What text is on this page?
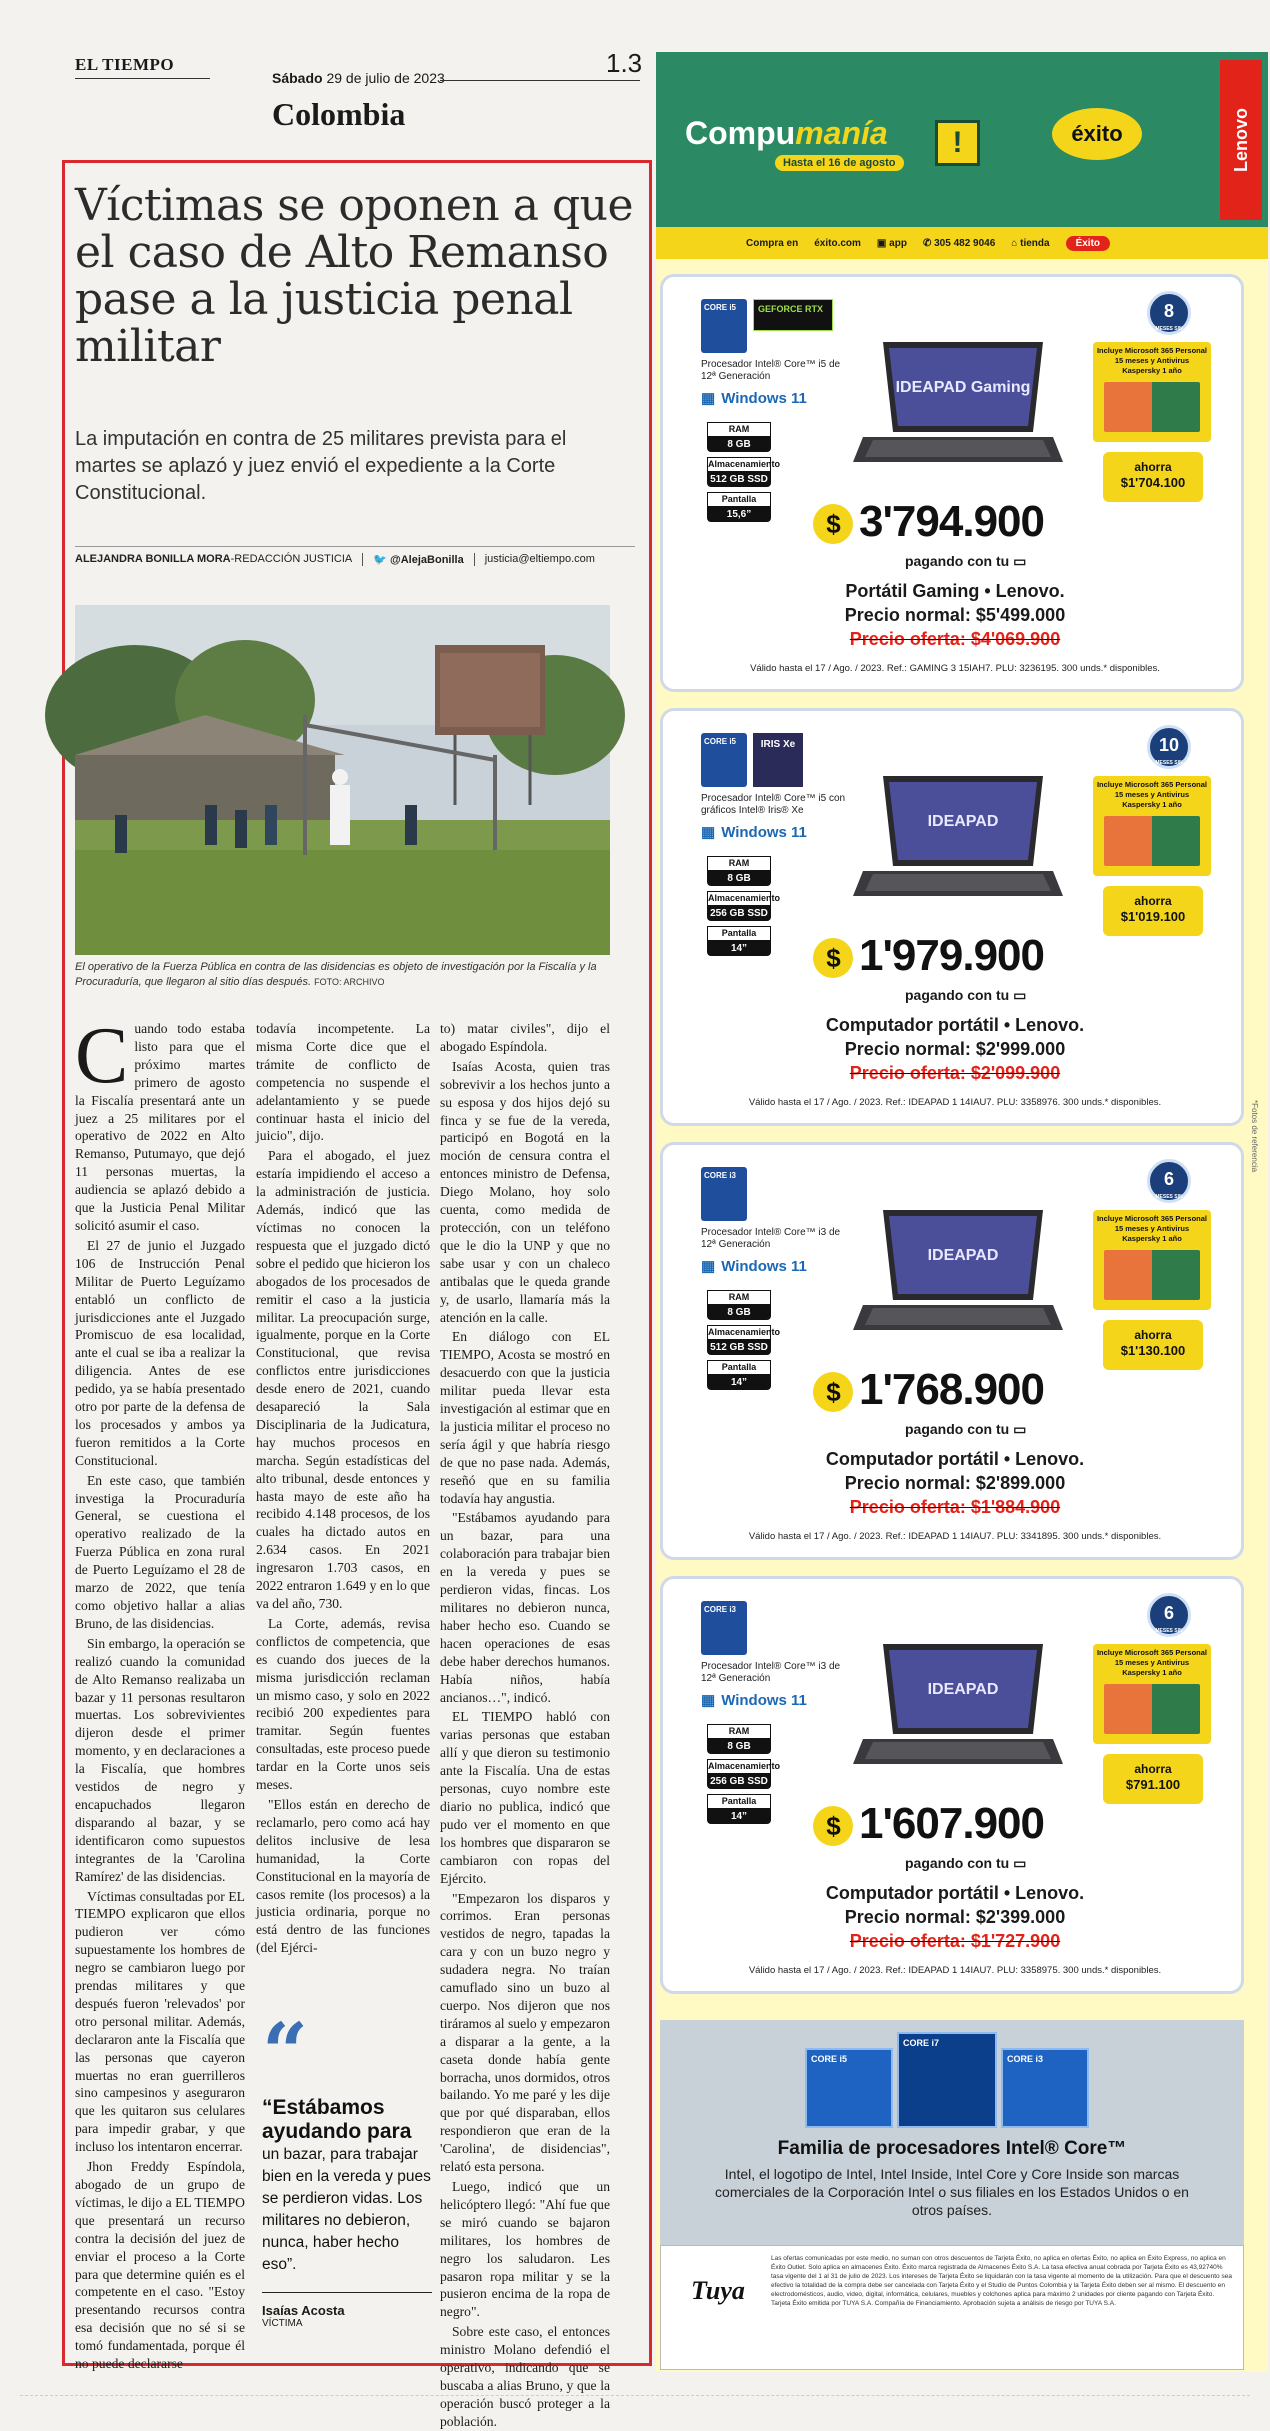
EL TIEMPO
Sábado 29 de julio de 2023	1.3
Colombia
Víctimas se oponen a que el caso de Alto Remanso pase a la justicia penal militar
La imputación en contra de 25 militares prevista para el martes se aplazó y juez envió el expediente a la Corte Constitucional.
ALEJANDRA BONILLA MORA-REDACCIÓN JUSTICIA 🐦 @AlejaBonilla justicia@eltiempo.com
El operativo de la Fuerza Pública en contra de las disidencias es objeto de investigación por la Fiscalía y la Procuraduría, que llegaron al sitio días después. FOTO: ARCHIVO

Cuando todo estaba listo para que el próximo martes primero de agosto la Fiscalía presentará ante un juez a 25 militares por el operativo de 2022 en Alto Remanso, Putumayo, que dejó 11 personas muertas, la audiencia se aplazó debido a que la Justicia Penal Militar solicitó asumir el caso.

El 27 de junio el Juzgado 106 de Instrucción Penal Militar de Puerto Leguízamo entabló un conflicto de jurisdicciones ante el Juzgado Promiscuo de esa localidad, ante el cual se iba a realizar la diligencia. Antes de ese pedido, ya se había presentado otro por parte de la defensa de los procesados y ambos ya fueron remitidos a la Corte Constitucional.

En este caso, que también investiga la Procuraduría General, se cuestiona el operativo realizado de la Fuerza Pública en zona rural de Puerto Leguízamo el 28 de marzo de 2022, que tenía como objetivo hallar a alias Bruno, de las disidencias.

Sin embargo, la operación se realizó cuando la comunidad de Alto Remanso realizaba un bazar y 11 personas resultaron muertas. Los sobrevivientes dijeron desde el primer momento, y en declaraciones a la Fiscalía, que hombres vestidos de negro y encapuchados llegaron disparando al bazar, y se identificaron como supuestos integrantes de la 'Carolina Ramírez' de las disidencias.

Víctimas consultadas por EL TIEMPO explicaron que ellos pudieron ver cómo supuestamente los hombres de negro se cambiaron luego por prendas militares y que después fueron 'relevados' por otro personal militar. Además, declararon ante la Fiscalía que las personas que cayeron muertas no eran guerrilleros sino campesinos y aseguraron que les quitaron sus celulares para impedir grabar, y que incluso los intentaron encerrar.

Jhon Freddy Espíndola, abogado de un grupo de víctimas, le dijo a EL TIEMPO que presentará un recurso contra la decisión del juez de enviar el proceso a la Corte para que determine quién es el competente en el caso. "Estoy presentando recursos contra esa decisión que no sé si se tomó fundamentada, porque él no puede declararse

todavía incompetente. La misma Corte dice que el trámite de conflicto de competencia no suspende el adelantamiento y se puede continuar hasta el inicio del juicio", dijo.

Para el abogado, el juez estaría impidiendo el acceso a la administración de justicia. Además, indicó que las víctimas no conocen la respuesta que el juzgado dictó sobre el pedido que hicieron los abogados de los procesados de remitir el caso a la justicia militar. La preocupación surge, igualmente, porque en la Corte Constitucional, que revisa conflictos entre jurisdicciones desde enero de 2021, cuando desapareció la Sala Disciplinaria de la Judicatura, hay muchos procesos en marcha. Según estadísticas del alto tribunal, desde entonces y hasta mayo de este año ha recibido 4.148 procesos, de los cuales ha dictado autos en 2.634 casos. En 2021 ingresaron 1.703 casos, en 2022 entraron 1.649 y en lo que va del año, 730.

La Corte, además, revisa conflictos de competencia, que es cuando dos jueces de la misma jurisdicción reclaman un mismo caso, y solo en 2022 recibió 200 expedientes para tramitar. Según fuentes consultadas, este proceso puede tardar en la Corte unos seis meses.

"Ellos están en derecho de reclamarlo, pero como acá hay delitos inclusive de lesa humanidad, la Corte Constitucional en la mayoría de casos remite (los procesos) a la justicia ordinaria, porque no está dentro de las funciones (del Ejérci-

“
“Estábamos ayudando para
un bazar, para trabajar bien en la vereda y pues se perdieron vidas. Los militares no debieron, nunca, haber hecho eso”.
Isaías Acosta
VÍCTIMA

to) matar civiles", dijo el abogado Espíndola.

Isaías Acosta, quien tras sobrevivir a los hechos junto a su esposa y dos hijos dejó su finca y se fue de la vereda, participó en Bogotá en la moción de censura contra el entonces ministro de Defensa, Diego Molano, hoy solo cuenta, como medida de protección, con un teléfono que le dio la UNP y que no sabe usar y con un chaleco antibalas que le queda grande y, de usarlo, llamaría más la atención en la calle.

En diálogo con EL TIEMPO, Acosta se mostró en desacuerdo con que la justicia militar pueda llevar esta investigación al estimar que en la justicia militar el proceso no sería ágil y que habría riesgo de que no pase nada. Además, reseñó que en su familia todavía hay angustia.

"Estábamos ayudando para un bazar, para una colaboración para trabajar bien en la vereda y pues se perdieron vidas, fincas. Los militares no debieron nunca, haber hecho eso. Cuando se hacen operaciones de esas debe haber derechos humanos. Había niños, había ancianos…", indicó.

EL TIEMPO habló con varias personas que estaban allí y que dieron su testimonio ante la Fiscalía. Una de estas personas, cuyo nombre este diario no publica, indicó que pudo ver el momento en que los hombres que dispararon se cambiaron con ropas del Ejército.

"Empezaron los disparos y corrimos. Eran personas vestidos de negro, tapadas la cara y con un buzo negro y sudadera negra. No traían camuflado sino un buzo al cuerpo. Nos dijeron que nos tiráramos al suelo y empezaron a disparar a la gente, a la caseta donde había gente borracha, unos dormidos, otros bailando. Yo me paré y les dije que por qué disparaban, ellos respondieron que eran de la 'Carolina', de disidencias", relató esta persona.

Luego, indicó que un helicóptero llegó: "Ahí fue que se miró cuando se bajaron militares, los hombres de negro los saludaron. Les pasaron ropa militar y se la pusieron encima de la ropa de negro".

Sobre este caso, el entonces ministro Molano defendió el operativo, indicando que se buscaba a alias Bruno, y que la operación buscó proteger a la población.

Compumanía	!
Hasta el 16 de agosto
éxito	Lenovo
Compra en éxito.com ▣ app ✆ 305 482 9046 ⌂ tienda	Éxito
CORE i5	GEFORCE RTX
Procesador Intel® Core™ i5 de 12ª Generación
▦ Windows 11
RAM
8 GB
Almacenamiento
512 GB SSD
Pantalla
15,6”
IDEAPAD Gaming
Incluye Microsoft 365 Personal 15 meses y Antivirus Kaspersky 1 año
8
MESES SIN
ahorra
$1'704.100
$ 3'794.900
pagando con tu ▭
Portátil Gaming • Lenovo.
Precio normal: $5'499.000
Precio oferta: $4'069.900
Válido hasta el 17 / Ago. / 2023. Ref.: GAMING 3 15IAH7. PLU: 3236195. 300 unds.* disponibles.
CORE i5	IRIS Xe
Procesador Intel® Core™ i5 con gráficos Intel® Iris® Xe
▦ Windows 11
RAM
8 GB
Almacenamiento
256 GB SSD
Pantalla
14”
IDEAPAD
Incluye Microsoft 365 Personal 15 meses y Antivirus Kaspersky 1 año
10
MESES SIN
ahorra
$1'019.100
$ 1'979.900
pagando con tu ▭
Computador portátil • Lenovo.
Precio normal: $2'999.000
Precio oferta: $2'099.900
Válido hasta el 17 / Ago. / 2023. Ref.: IDEAPAD 1 14IAU7. PLU: 3358976. 300 unds.* disponibles.
CORE i3
Procesador Intel® Core™ i3 de 12ª Generación
▦ Windows 11
RAM
8 GB
Almacenamiento
512 GB SSD
Pantalla
14”
IDEAPAD
Incluye Microsoft 365 Personal 15 meses y Antivirus Kaspersky 1 año
6
MESES SIN
ahorra
$1'130.100
$ 1'768.900
pagando con tu ▭
Computador portátil • Lenovo.
Precio normal: $2'899.000
Precio oferta: $1'884.900
Válido hasta el 17 / Ago. / 2023. Ref.: IDEAPAD 1 14IAU7. PLU: 3341895. 300 unds.* disponibles.
CORE i3
Procesador Intel® Core™ i3 de 12ª Generación
▦ Windows 11
RAM
8 GB
Almacenamiento
256 GB SSD
Pantalla
14”
IDEAPAD
Incluye Microsoft 365 Personal 15 meses y Antivirus Kaspersky 1 año
6
MESES SIN
ahorra
$791.100
$ 1'607.900
pagando con tu ▭
Computador portátil • Lenovo.
Precio normal: $2'399.000
Precio oferta: $1'727.900
Válido hasta el 17 / Ago. / 2023. Ref.: IDEAPAD 1 14IAU7. PLU: 3358975. 300 unds.* disponibles.
CORE i5
CORE i7
CORE i3
Familia de procesadores Intel® Core™
Intel, el logotipo de Intel, Intel Inside, Intel Core y Core Inside son marcas comerciales de la Corporación Intel o sus filiales en los Estados Unidos o en otros países.
Tuya
Las ofertas comunicadas por este medio, no suman con otros descuentos de Tarjeta Éxito, no aplica en ofertas Éxito, no aplica en Éxito Express, no aplica en Éxito Outlet. Solo aplica en almacenes Éxito. Éxito marca registrada de Almacenes Éxito S.A. La tasa efectiva anual cobrada por Tarjeta Éxito es 43,92740% tasa vigente del 1 al 31 de julio de 2023. Los intereses de Tarjeta Éxito se liquidarán con la tasa vigente al momento de la utilización. Para que el descuento sea efectivo la totalidad de la compra debe ser cancelada con Tarjeta Éxito y el Studio de Puntos Colombia y la Tarjeta Éxito deben ser al mismo. El descuento en electrodomésticos, audio, video, digital, informática, celulares, muebles y colchones aplica para máximo 2 unidades por cliente pagando con Tarjeta Éxito. Tarjeta Éxito emitida por TUYA S.A. Compañía de Financiamiento. Aprobación sujeta a análisis de riesgo por TUYA S.A.
*Fotos de referencia
